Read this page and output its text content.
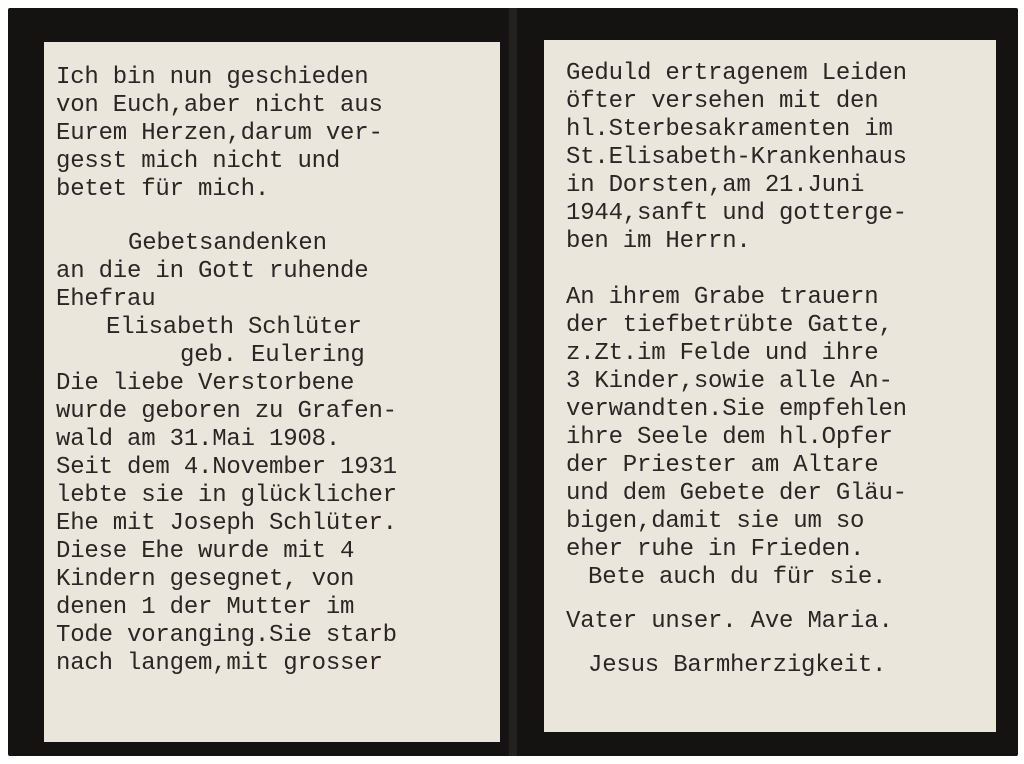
Ich bin nun geschieden
von Euch,aber nicht aus
Eurem Herzen,darum ver-
gesst mich nicht und
betet für mich.
Gebetsandenken
an die in Gott ruhende
Ehefrau
Elisabeth Schlüter
geb. Eulering
Die liebe Verstorbene
wurde geboren zu Grafen-
wald am 31.Mai 1908.
Seit dem 4.November 1931
lebte sie in glücklicher
Ehe mit Joseph Schlüter.
Diese Ehe wurde mit 4
Kindern gesegnet, von
denen 1 der Mutter im
Tode voranging.Sie starb
nach langem,mit grosser
Geduld ertragenem Leiden
öfter versehen mit den
hl.Sterbesakramenten im
St.Elisabeth-Krankenhaus
in Dorsten,am 21.Juni
1944,sanft und gotterge-
ben im Herrn.
An ihrem Grabe trauern
der tiefbetrübte Gatte,
z.Zt.im Felde und ihre
3 Kinder,sowie alle An-
verwandten.Sie empfehlen
ihre Seele dem hl.Opfer
der Priester am Altare
und dem Gebete der Gläu-
bigen,damit sie um so
eher ruhe in Frieden.
Bete auch du für sie.
Vater unser. Ave Maria.
Jesus Barmherzigkeit.
